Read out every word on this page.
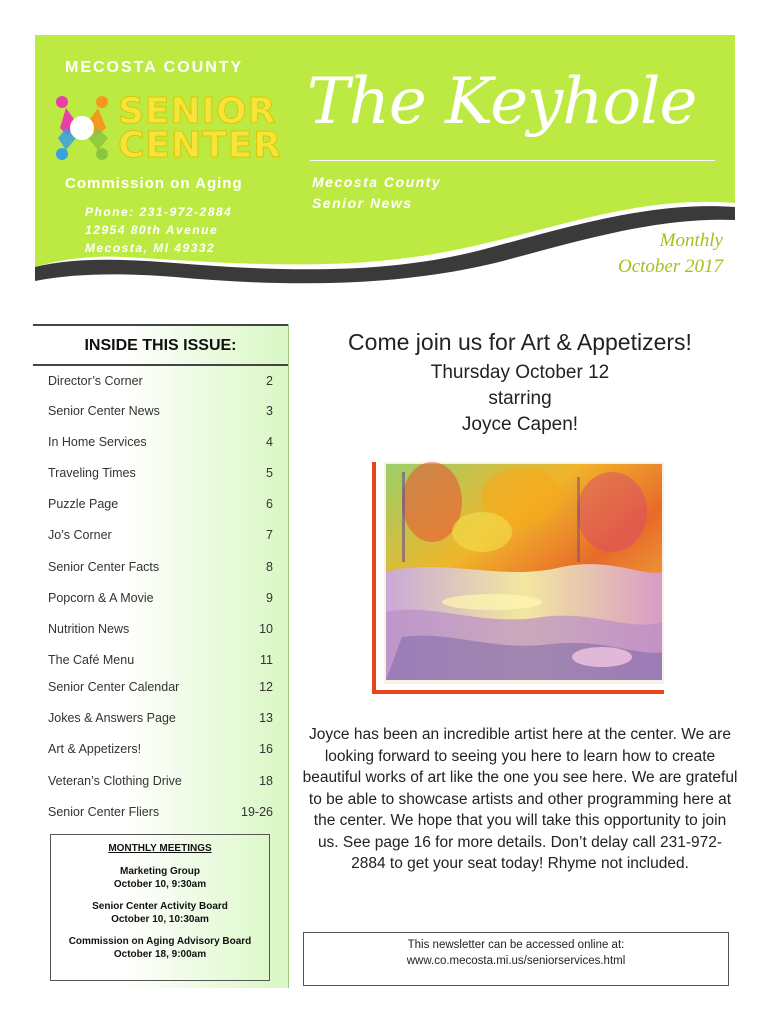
MECOSTA COUNTY
SENIOR
CENTER
Commission on Aging
Phone: 231-972-2884
12954 80th Avenue
Mecosta, MI 49332
The Keyhole
Mecosta County
Senior News
Monthly
October 2017
INSIDE THIS ISSUE:
Director’s Corner	2
Senior Center News	3
In Home Services	4
Traveling Times	5
Puzzle Page	6
Jo’s Corner	7
Senior Center Facts	8
Popcorn & A Movie	9
Nutrition News	10
The Café Menu	11
Senior Center Calendar	12
Jokes & Answers Page	13
Art & Appetizers!	16
Veteran’s Clothing Drive	18
Senior Center Fliers	19-26
MONTHLY MEETINGS
Marketing Group
October 10, 9:30am
Senior Center Activity Board
October 10, 10:30am
Commission on Aging Advisory Board
October 18, 9:00am
Come join us for Art & Appetizers!
Thursday October 12
starring
Joyce Capen!
Joyce has been an incredible artist here at the center. We are looking forward to seeing you here to learn how to create beautiful works of art like the one you see here. We are grateful to be able to showcase artists and other programming here at the center. We hope that you will take this opportunity to join us. See page 16 for more details. Don’t delay call 231-972-2884 to get your seat today! Rhyme not included.
This newsletter can be accessed online at:
www.co.mecosta.mi.us/seniorservices.html
